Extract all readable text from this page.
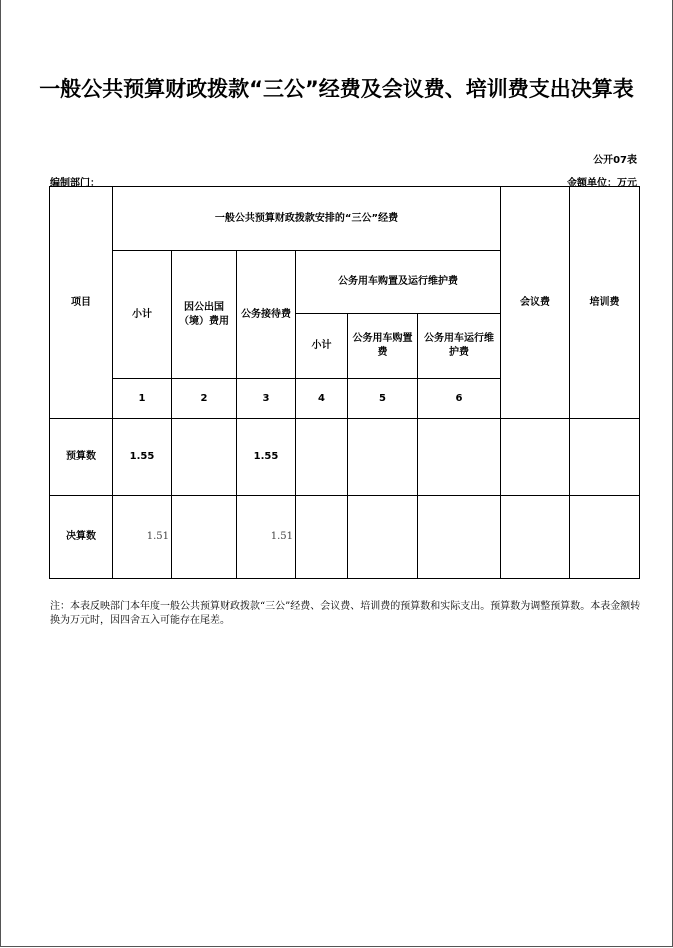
一般公共预算财政拨款“三公”经费及会议费、培训费支出决算表
公开07表
编制部门：	金额单位：万元
项目	一般公共预算财政拨款安排的“三公”经费						会议费	培训费
	小计	因公出国（境）费用	公务接待费	公务用车购置及运行维护费				
				小计	公务用车购置费	公务用车运行维护费		
	1	2	3	4	5	6		
预算数	1.55		1.55					
决算数	1.51		1.51					
注：本表反映部门本年度一般公共预算财政拨款“三公”经费、会议费、培训费的预算数和实际支出。预算数为调整预算数。本表金额转换为万元时，因四舍五入可能存在尾差。
